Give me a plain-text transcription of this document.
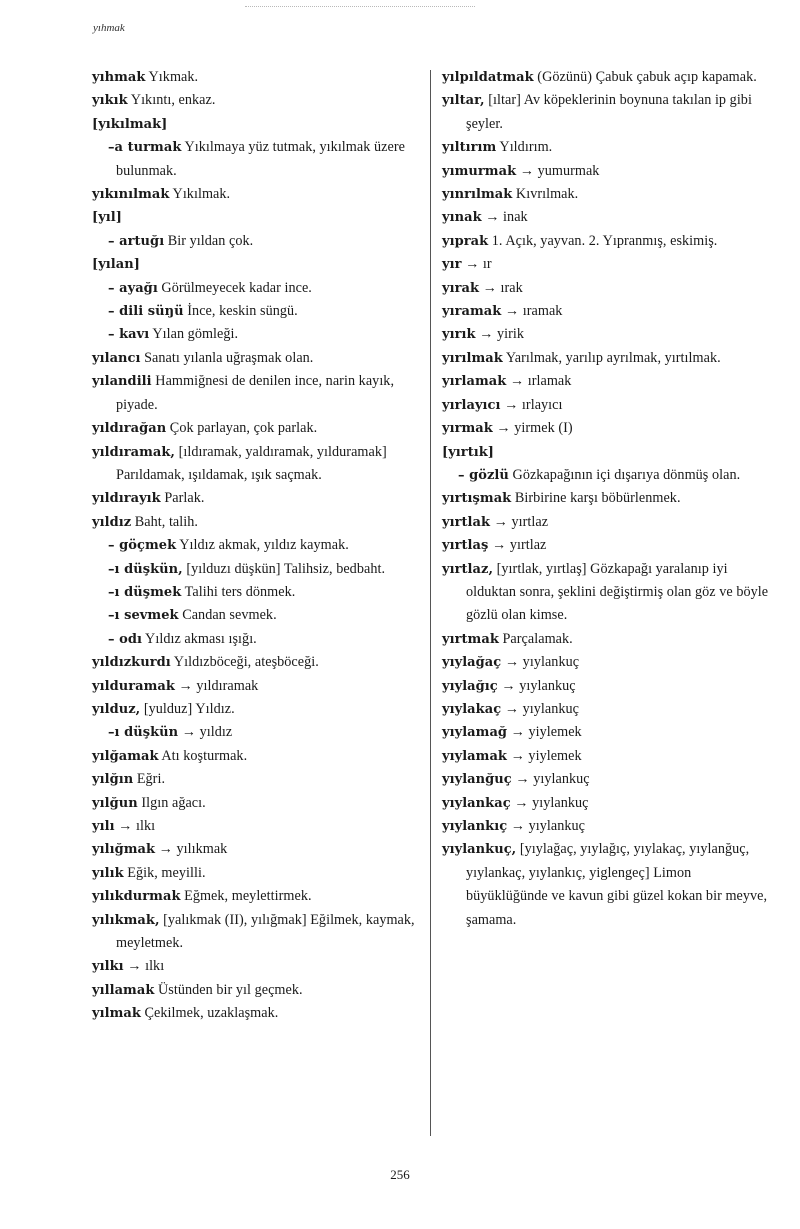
yıhmak

yıhmak Yıkmak.

yıkık Yıkıntı, enkaz.

[yıkılmak]

–a turmak Yıkılmaya yüz tutmak, yıkılmak üzere bulunmak.

yıkınılmak Yıkılmak.

[yıl]

– artuğı Bir yıldan çok.

[yılan]

– ayağı Görülmeyecek kadar ince.

– dili süŋü İnce, keskin süngü.

– kavı Yılan gömleği.

yılancı Sanatı yılanla uğraşmak olan.

yılandili Hammiğnesi de denilen ince, narin kayık, piyade.

yıldırağan Çok parlayan, çok parlak.

yıldıramak, [ıldıramak, yaldıramak, yılduramak] Parıldamak, ışıldamak, ışık saçmak.

yıldırayık Parlak.

yıldız Baht, talih.

– göçmek Yıldız akmak, yıldız kaymak.

–ı düşkün, [yılduzı düşkün] Talihsiz, bedbaht.

–ı düşmek Talihi ters dönmek.

–ı sevmek Candan sevmek.

– odı Yıldız akması ışığı.

yıldızkurdı Yıldızböceği, ateşböceği.

yılduramak → yıldıramak

yılduz, [yulduz] Yıldız.

–ı düşkün → yıldız

yılğamak Atı koşturmak.

yılğın Eğri.

yılğun Ilgın ağacı.

yılı → ılkı

yılığmak → yılıkmak

yılık Eğik, meyilli.

yılıkdurmak Eğmek, meylettirmek.

yılıkmak, [yalıkmak (II), yılığmak] Eğilmek, kaymak, meyletmek.

yılkı → ılkı

yıllamak Üstünden bir yıl geçmek.

yılmak Çekilmek, uzaklaşmak.

yılpıldatmak (Gözünü) Çabuk çabuk açıp kapamak.

yıltar, [ıltar] Av köpeklerinin boynuna takılan ip gibi şeyler.

yıltırım Yıldırım.

yımurmak → yumurmak

yınrılmak Kıvrılmak.

yınak → inak

yıprak 1. Açık, yayvan. 2. Yıpranmış, eskimiş.

yır → ır

yırak → ırak

yıramak → ıramak

yırık → yirik

yırılmak Yarılmak, yarılıp ayrılmak, yırtılmak.

yırlamak → ırlamak

yırlayıcı → ırlayıcı

yırmak → yirmek (I)

[yırtık]

– gözlü Gözkapağının içi dışarıya dönmüş olan.

yırtışmak Birbirine karşı böbürlenmek.

yırtlak → yırtlaz

yırtlaş → yırtlaz

yırtlaz, [yırtlak, yırtlaş] Gözkapağı yaralanıp iyi olduktan sonra, şeklini değiştirmiş olan göz ve böyle gözlü olan kimse.

yırtmak Parçalamak.

yıylağaç → yıylankuç

yıylağıç → yıylankuç

yıylakaç → yıylankuç

yıylamağ → yiylemek

yıylamak → yiylemek

yıylanğuç → yıylankuç

yıylankaç → yıylankuç

yıylankıç → yıylankuç

yıylankuç, [yıylağaç, yıylağıç, yıylakaç, yıylanğuç, yıylankaç, yıylankıç, yiglengeç] Limon büyüklüğünde ve kavun gibi güzel kokan bir meyve, şamama.

256
